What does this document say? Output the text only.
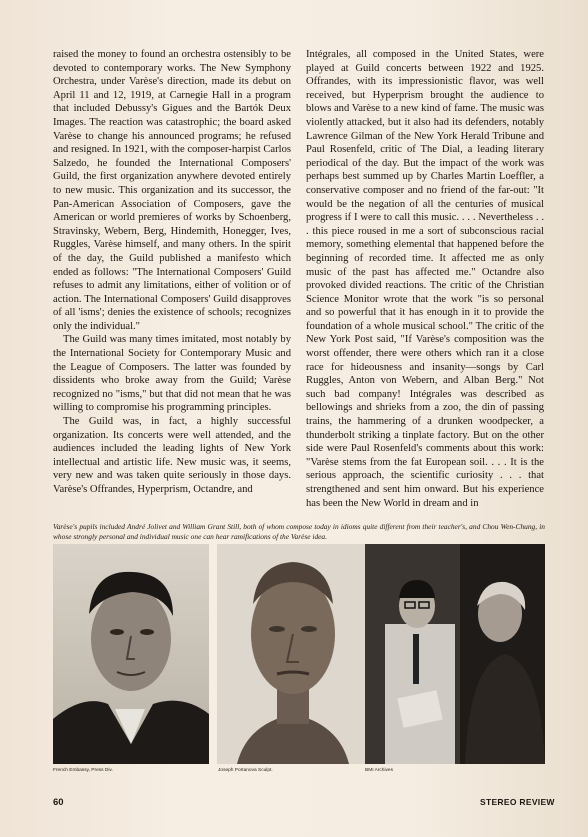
raised the money to found an orchestra ostensibly to be devoted to contemporary works. The New Symphony Orchestra, under Varèse's direction, made its debut on April 11 and 12, 1919, at Carnegie Hall in a program that included Debussy's Gigues and the Bartók Deux Images. The reaction was catastrophic; the board asked Varèse to change his announced programs; he refused and resigned. In 1921, with the composer-harpist Carlos Salzedo, he founded the International Composers' Guild, the first organization anywhere devoted entirely to new music. This organization and its successor, the Pan-American Association of Composers, gave the American or world premieres of works by Schoenberg, Stravinsky, Webern, Berg, Hindemith, Honegger, Ives, Ruggles, Varèse himself, and many others. In the spirit of the day, the Guild published a manifesto which ended as follows: "The International Composers' Guild refuses to admit any limitations, either of volition or of action. The International Composers' Guild disapproves of all 'isms'; denies the existence of schools; recognizes only the individual."

The Guild was many times imitated, most notably by the International Society for Contemporary Music and the League of Composers. The latter was founded by dissidents who broke away from the Guild; Varèse recognized no "isms," but that did not mean that he was willing to compromise his programming principles.

The Guild was, in fact, a highly successful organization. Its concerts were well attended, and the audiences included the leading lights of New York intellectual and artistic life. New music was, it seems, very new and was taken quite seriously in those days. Varèse's Offrandes, Hyperprism, Octandre, and

Intégrales, all composed in the United States, were played at Guild concerts between 1922 and 1925. Offrandes, with its impressionistic flavor, was well received, but Hyperprism brought the audience to blows and Varèse to a new kind of fame. The music was violently attacked, but it also had its defenders, notably Lawrence Gilman of the New York Herald Tribune and Paul Rosenfeld, critic of The Dial, a leading literary periodical of the day. But the impact of the work was perhaps best summed up by Charles Martin Loeffler, a conservative composer and no friend of the far-out: "It would be the negation of all the centuries of musical progress if I were to call this music. . . . Nevertheless . . . this piece roused in me a sort of subconscious racial memory, something elemental that happened before the beginning of recorded time. It affected me as only music of the past has affected me." Octandre also provoked divided reactions. The critic of the Christian Science Monitor wrote that the work "is so personal and so powerful that it has enough in it to provide the foundation of a whole musical school." The critic of the New York Post said, "If Varèse's composition was the worst offender, there were others which ran it a close race for hideousness and insanity—songs by Carl Ruggles, Anton von Webern, and Alban Berg." Not such bad company! Intégrales was described as bellowings and shrieks from a zoo, the din of passing trains, the hammering of a drunken woodpecker, a thunderbolt striking a tinplate factory. But on the other side were Paul Rosenfeld's comments about this work: "Varèse stems from the fat European soil. . . . It is the serious approach, the scientific curiosity . . . that strengthened and sent him onward. But his experience has been the New World in dream and in

Varèse's pupils included André Jolivet and William Grant Still, both of whom compose today in idioms quite different from their teacher's, and Chou Wen-Chung, in whose strongly personal and individual music one can hear ramifications of the Varèse idea.
French Embassy, Press Div.	Joseph Portanova Sculpt.	BMI Archives
60	STEREO REVIEW
